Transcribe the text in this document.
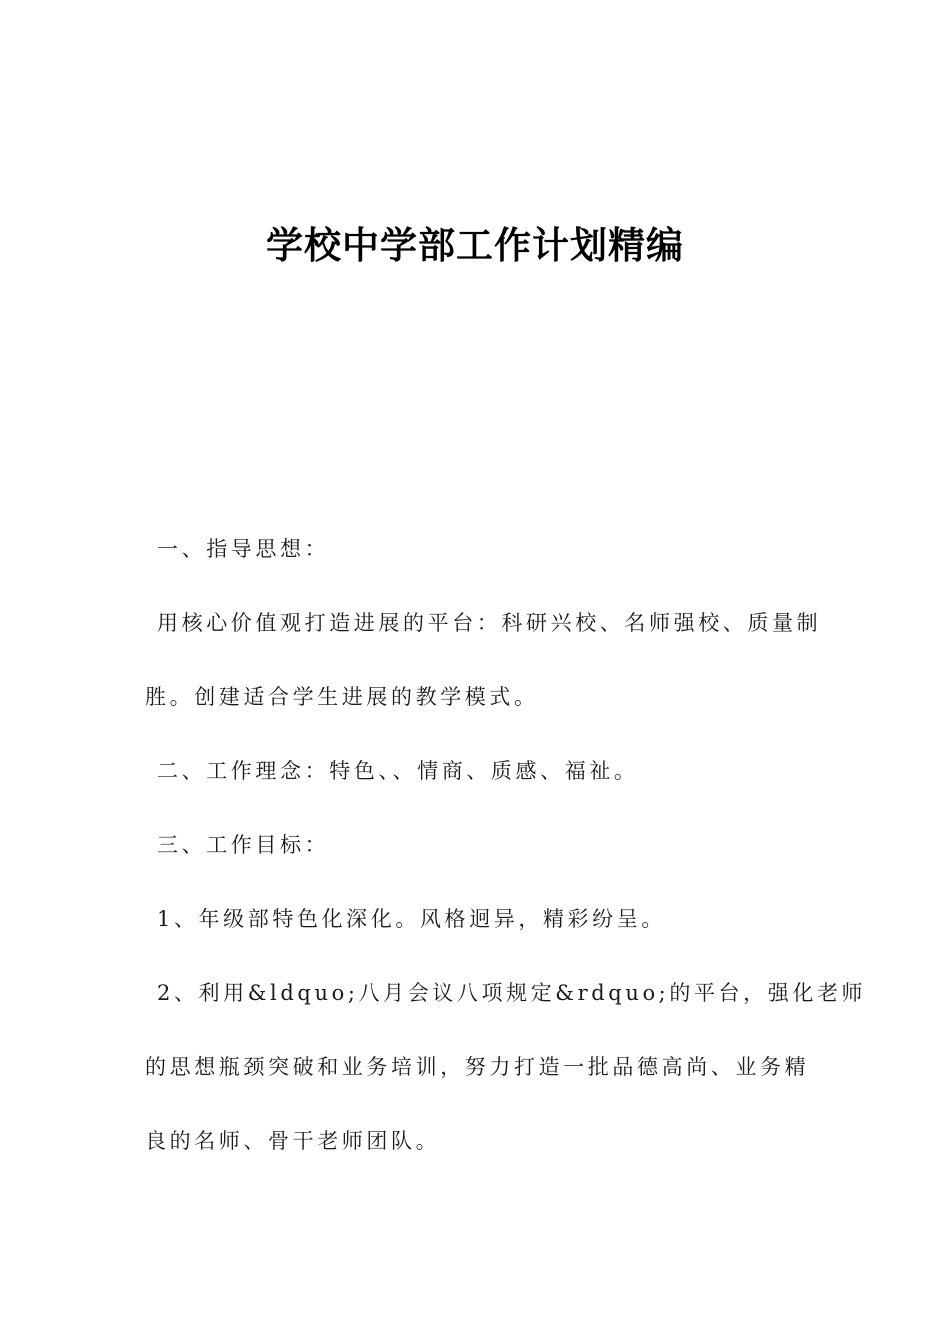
学校中学部工作计划精编

一、指导思想：

用核心价值观打造进展的平台：科研兴校、名师强校、质量制

胜。创建适合学生进展的教学模式。

二、工作理念：特色、、情商、质感、福祉。

三、工作目标：

1、年级部特色化深化。风格迥异，精彩纷呈。

2、利用&ldquo;八月会议八项规定&rdquo;的平台，强化老师

的思想瓶颈突破和业务培训，努力打造一批品德高尚、业务精

良的名师、骨干老师团队。
